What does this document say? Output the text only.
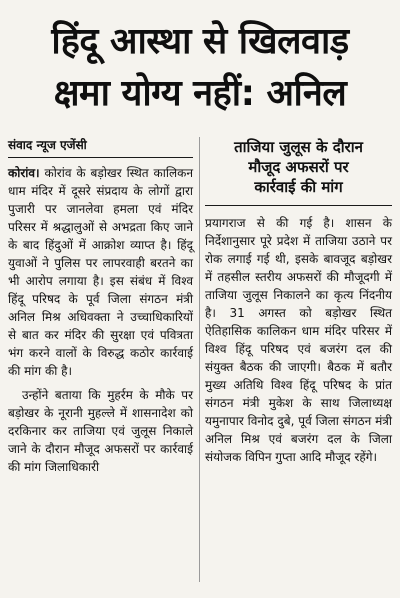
हिंदू आस्था से खिलवाड़
क्षमा योग्य नहीं: अनिल
संवाद न्यूज एजेंसी

कोरांव। कोरांव के बड़ोखर स्थित कालिकन धाम मंदिर में दूसरे संप्रदाय के लोगों द्वारा पुजारी पर जानलेवा हमला एवं मंदिर परिसर में श्रद्धालुओं से अभद्रता किए जाने के बाद हिंदुओं में आक्रोश व्याप्त है। हिंदू युवाओं ने पुलिस पर लापरवाही बरतने का भी आरोप लगाया है। इस संबंध में विश्व हिंदू परिषद के पूर्व जिला संगठन मंत्री अनिल मिश्र अधिवक्ता ने उच्चाधिकारियों से बात कर मंदिर की सुरक्षा एवं पवित्रता भंग करने वालों के विरुद्ध कठोर कार्रवाई की मांग की है।

उन्होंने बताया कि मुहर्रम के मौके पर बड़ोखर के नूरानी मुहल्ले में शासनादेश को दरकिनार कर ताजिया एवं जुलूस निकाले जाने के दौरान मौजूद अफसरों पर कार्रवाई की मांग जिलाधिकारी

ताजिया जुलूस के दौरान
मौजूद अफसरों पर
कार्रवाई की मांग

प्रयागराज से की गई है। शासन के निर्देशानुसार पूरे प्रदेश में ताजिया उठाने पर रोक लगाई गई थी, इसके बावजूद बड़ोखर में तहसील स्तरीय अफसरों की मौजूदगी में ताजिया जुलूस निकालने का कृत्य निंदनीय है। 31 अगस्त को बड़ोखर स्थित ऐतिहासिक कालिकन धाम मंदिर परिसर में विश्व हिंदू परिषद एवं बजरंग दल की संयुक्त बैठक की जाएगी। बैठक में बतौर मुख्य अतिथि विश्व हिंदू परिषद के प्रांत संगठन मंत्री मुकेश के साथ जिलाध्यक्ष यमुनापार विनोद दुबे, पूर्व जिला संगठन मंत्री अनिल मिश्र एवं बजरंग दल के जिला संयोजक विपिन गुप्ता आदि मौजूद रहेंगे।
